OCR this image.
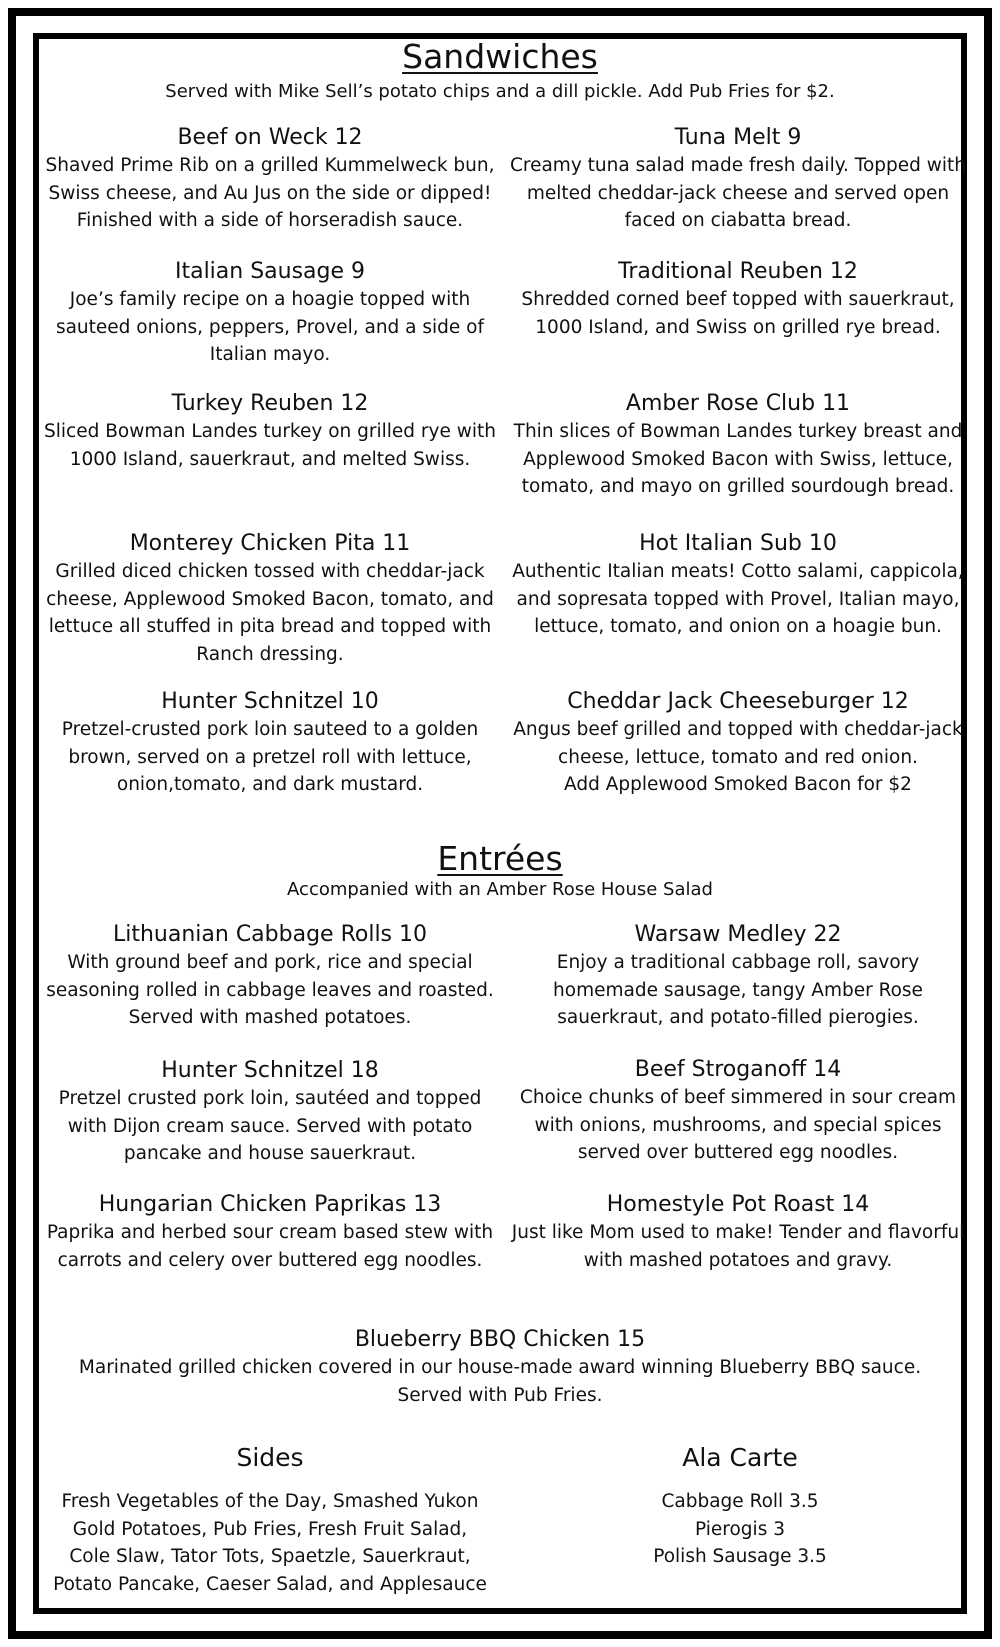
Sandwiches
Served with Mike Sell’s potato chips and a dill pickle. Add Pub Fries for $2.
Beef on Weck 12
Shaved Prime Rib on a grilled Kummelweck bun, Swiss cheese, and Au Jus on the side or dipped! Finished with a side of horseradish sauce.
Tuna Melt 9
Creamy tuna salad made fresh daily. Topped with melted cheddar-jack cheese and served open faced on ciabatta bread.
Italian Sausage 9
Joe’s family recipe on a hoagie topped with sauteed onions, peppers, Provel, and a side of Italian mayo.
Traditional Reuben 12
Shredded corned beef topped with sauerkraut, 1000 Island, and Swiss on grilled rye bread.
Turkey Reuben 12
Sliced Bowman Landes turkey on grilled rye with 1000 Island, sauerkraut, and melted Swiss.
Amber Rose Club 11
Thin slices of Bowman Landes turkey breast and Applewood Smoked Bacon with Swiss, lettuce, tomato, and mayo on grilled sourdough bread.
Monterey Chicken Pita 11
Grilled diced chicken tossed with cheddar-jack cheese, Applewood Smoked Bacon, tomato, and lettuce all stuffed in pita bread and topped with Ranch dressing.
Hot Italian Sub 10
Authentic Italian meats! Cotto salami, cappicola, and sopresata topped with Provel, Italian mayo, lettuce, tomato, and onion on a hoagie bun.
Hunter Schnitzel 10
Pretzel-crusted pork loin sauteed to a golden brown, served on a pretzel roll with lettuce, onion,tomato, and dark mustard.
Cheddar Jack Cheeseburger 12

Angus beef grilled and topped with cheddar-jack cheese, lettuce, tomato and red onion.

Add Applewood Smoked Bacon for $2

Entrées
Accompanied with an Amber Rose House Salad
Lithuanian Cabbage Rolls 10
With ground beef and pork, rice and special seasoning rolled in cabbage leaves and roasted. Served with mashed potatoes.
Warsaw Medley 22
Enjoy a traditional cabbage roll, savory homemade sausage, tangy Amber Rose sauerkraut, and potato-filled pierogies.
Hunter Schnitzel 18
Pretzel crusted pork loin, sautéed and topped with Dijon cream sauce. Served with potato pancake and house sauerkraut.
Beef Stroganoff 14
Choice chunks of beef simmered in sour cream with onions, mushrooms, and special spices served over buttered egg noodles.
Hungarian Chicken Paprikas 13
Paprika and herbed sour cream based stew with carrots and celery over buttered egg noodles.
Homestyle Pot Roast 14
Just like Mom used to make! Tender and flavorful with mashed potatoes and gravy.
Blueberry BBQ Chicken 15

Marinated grilled chicken covered in our house-made award winning Blueberry BBQ sauce.

Served with Pub Fries.

Sides

Fresh Vegetables of the Day, Smashed Yukon

Gold Potatoes, Pub Fries, Fresh Fruit Salad,

Cole Slaw, Tator Tots, Spaetzle, Sauerkraut,

Potato Pancake, Caeser Salad, and Applesauce

Ala Carte

Cabbage Roll 3.5

Pierogis 3

Polish Sausage 3.5
